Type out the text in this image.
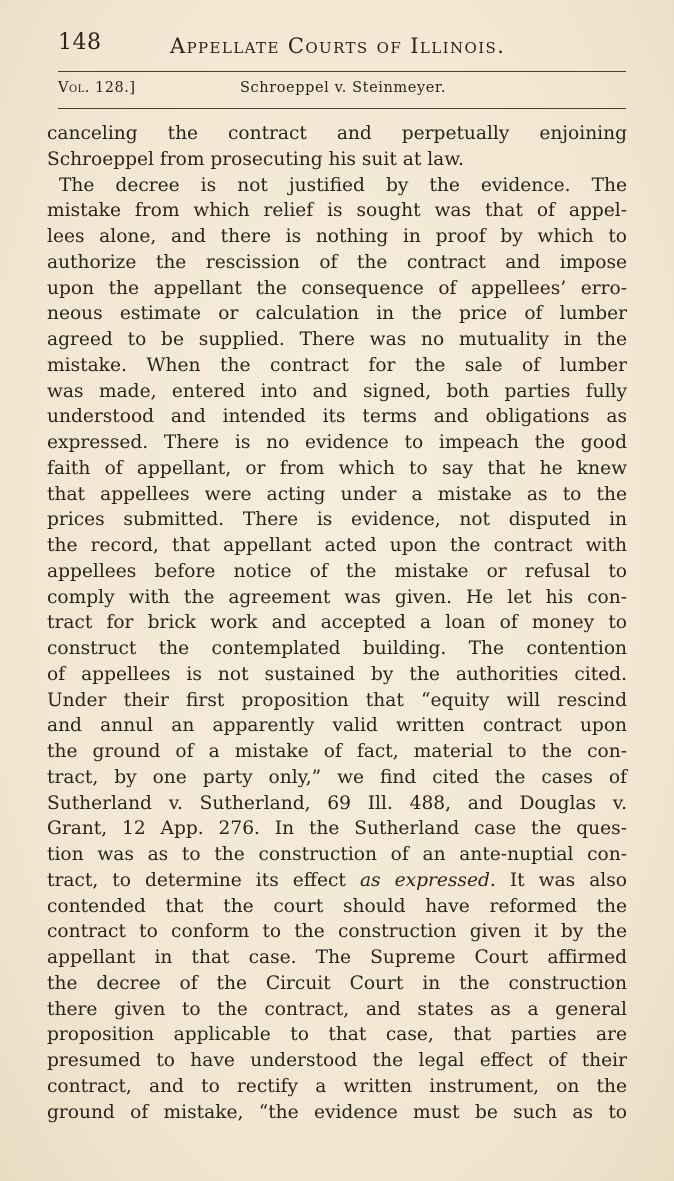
148	Appellate Courts of Illinois.
Vol. 128.]	Schroeppel v. Steinmeyer.
canceling the contract and perpetually enjoining
Schroeppel from prosecuting his suit at law.
The decree is not justified by the evidence. The
mistake from which relief is sought was that of appel-
lees alone, and there is nothing in proof by which to
authorize the rescission of the contract and impose
upon the appellant the consequence of appellees’ erro-
neous estimate or calculation in the price of lumber
agreed to be supplied. There was no mutuality in the
mistake. When the contract for the sale of lumber
was made, entered into and signed, both parties fully
understood and intended its terms and obligations as
expressed. There is no evidence to impeach the good
faith of appellant, or from which to say that he knew
that appellees were acting under a mistake as to the
prices submitted. There is evidence, not disputed in
the record, that appellant acted upon the contract with
appellees before notice of the mistake or refusal to
comply with the agreement was given. He let his con-
tract for brick work and accepted a loan of money to
construct the contemplated building. The contention
of appellees is not sustained by the authorities cited.
Under their first proposition that “equity will rescind
and annul an apparently valid written contract upon
the ground of a mistake of fact, material to the con-
tract, by one party only,” we find cited the cases of
Sutherland v. Sutherland, 69 Ill. 488, and Douglas v.
Grant, 12 App. 276. In the Sutherland case the ques-
tion was as to the construction of an ante-nuptial con-
tract, to determine its effect as expressed. It was also
contended that the court should have reformed the
contract to conform to the construction given it by the
appellant in that case. The Supreme Court affirmed
the decree of the Circuit Court in the construction
there given to the contract, and states as a general
proposition applicable to that case, that parties are
presumed to have understood the legal effect of their
contract, and to rectify a written instrument, on the
ground of mistake, “the evidence must be such as to
